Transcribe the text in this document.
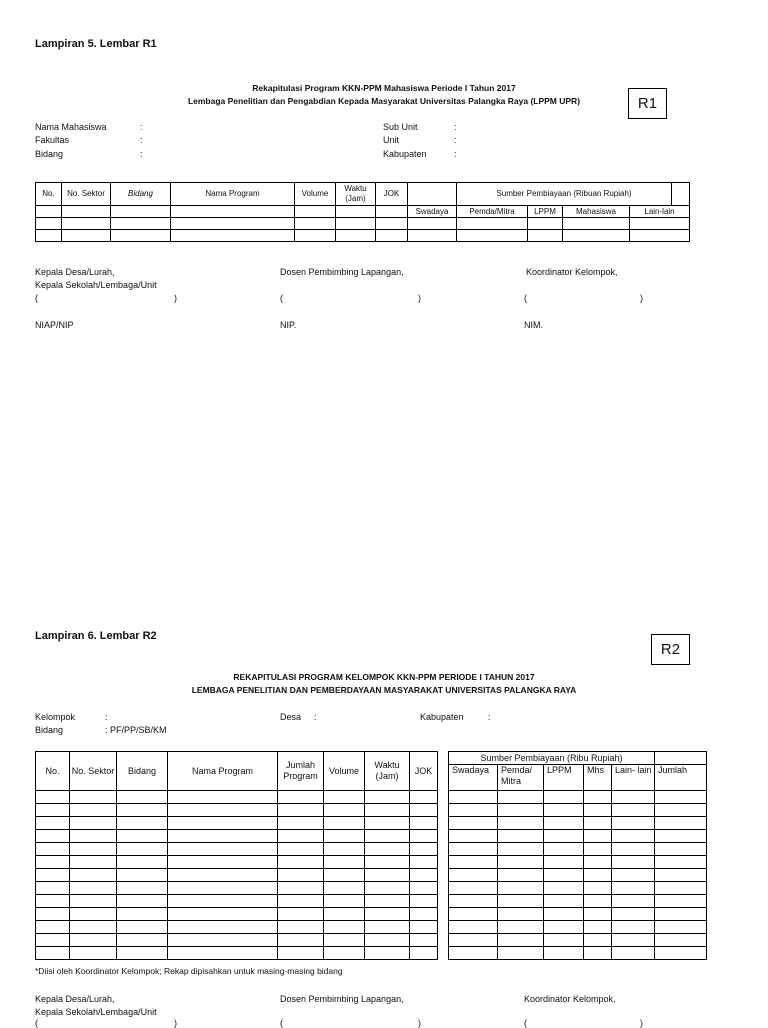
Lampiran 5. Lembar R1
R1
Rekapitulasi Program KKN-PPM Mahasiswa Periode I Tahun 2017
Lembaga Penelitian dan Pengabdian Kepada Masyarakat Universitas Palangka Raya (LPPM UPR)
Nama Mahasiswa
Fakultas
Bidang
:
:
:
Sub Unit
Unit
Kabupaten
:
:
:
No.	No. Sektor	Bidang	Nama Program	Volume	Waktu (Jam)	JOK		Sumber Pembiayaan (Ribuan Rupiah)				
							Swadaya	Pemda/Mitra	LPPM	Mahasiswa	Lain-lain	

Kepala Desa/Lurah,
Kepala Sekolah/Lembaga/Unit
Dosen Pembimbing Lapangan,	Koordinator Kelompok,
(	)	(	)	(	)
NIAP/NIP	NIP.	NIM.
Lampiran 6. Lembar R2
R2
REKAPITULASI PROGRAM KELOMPOK KKN-PPM PERIODE I TAHUN 2017
LEMBAGA PENELITIAN DAN PEMBERDAYAAN MASYARAKAT UNIVERSITAS PALANGKA RAYA
Kelompok	:
Bidang	: PF/PP/SB/KM
Desa :	Kabupaten	:
No.	No. Sektor	Bidang	Nama Program	Jumlah Program	Volume	Waktu (Jam)	JOK

Sumber Pembiayaan (Ribu Rupiah)					
Swadaya	Pemda/ Mitra	LPPM	Mhs	Lain- lain	Jumlah

*Diisi oleh Koordinator Kelompok; Rekap dipisahkan untuk masing-masing bidang
Kepala Desa/Lurah,
Kepala Sekolah/Lembaga/Unit
Dosen Pembimbing Lapangan,	Koordinator Kelompok,
(	)	(	)	(	)
